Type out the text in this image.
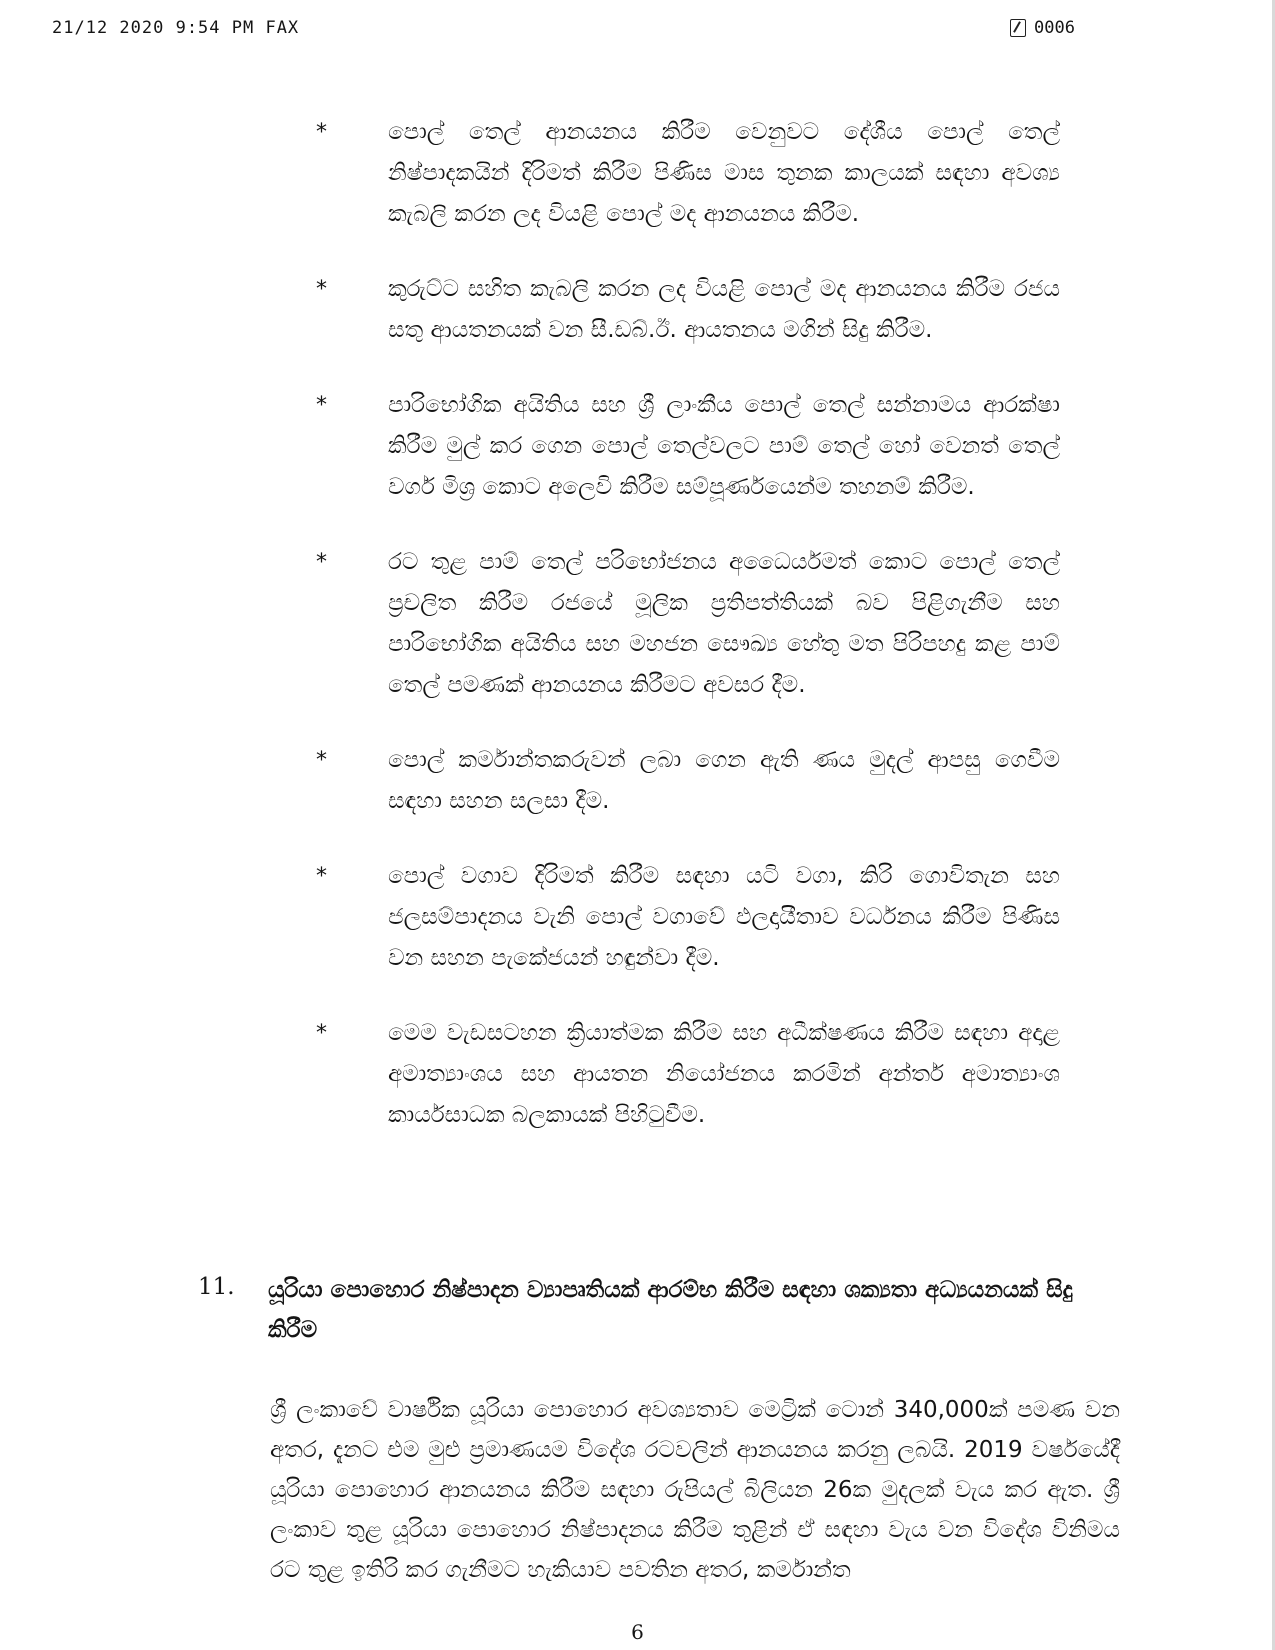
21/12 2020 9:54 PM FAX	0006
*	පොල් තෙල් ආනයනය කිරීම වෙනුවට දේශීය පොල් තෙල් නිෂ්පාදකයින් දිරිමත් කිරීම පිණිස මාස තුනක කාලයක් සඳහා අවශ්‍ය කැබලි කරන ලද වියළි පොල් මද ආනයනය කිරීම.
*	කුරුට්ට සහිත කැබලි කරන ලද වියළි පොල් මද ආනයනය කිරීම රජය සතු ආයතනයක් වන සී.ඩබ්.ඊ. ආයතනය මගින් සිදු කිරීම.
*	පාරිභෝගික අයිතිය සහ ශ්‍රී ලාංකීය පොල් තෙල් සන්නාමය ආරක්ෂා කිරීම මුල් කර ගෙන පොල් තෙල්වලට පාම් තෙල් හෝ වෙනත් තෙල් වර්ග මිශ්‍ර කොට අලෙවි කිරීම සම්පූර්ණයෙන්ම තහනම් කිරීම.
*	රට තුළ පාම් තෙල් පරිභෝජනය අධෛර්යමත් කොට පොල් තෙල් ප්‍රචලිත කිරීම රජයේ මූලික ප්‍රතිපත්තියක් බව පිළිගැනීම සහ පාරිභෝගික අයිතිය සහ මහජන සෞඛ්‍ය හේතු මත පිරිපහදු කළ පාම් තෙල් පමණක් ආනයනය කිරීමට අවසර දීම.
*	පොල් කර්මාන්තකරුවන් ලබා ගෙන ඇති ණය මුදල් ආපසු ගෙවීම සඳහා සහන සලසා දීම.
*	පොල් වගාව දිරිමත් කිරීම සඳහා යටි වගා, කිරි ගොවිතැන සහ ජලසම්පාදනය වැනි පොල් වගාවේ ඵලදායීතාව වර්ධනය කිරීම පිණිස වන සහන පැකේජයන් හඳුන්වා දීම.
*	මෙම වැඩසටහන ක්‍රියාත්මක කිරීම සහ අධීක්ෂණය කිරීම සඳහා අදාළ අමාත්‍යාංශය සහ ආයතන නියෝජනය කරමින් අන්තර් අමාත්‍යාංශ කාර්යසාධක බලකායක් පිහිටුවීම.
11. යූරියා පොහොර නිෂ්පාදන ව්‍යාපෘතියක් ආරම්භ කිරීම සඳහා ශක්‍යතා අධ්‍යයනයක් සිදු කිරීම
ශ්‍රී ලංකාවේ වාර්ෂික යූරියා පොහොර අවශ්‍යතාව මෙට්‍රික් ටොන් 340,000ක් පමණ වන අතර, දැනට එම මුළු ප්‍රමාණයම විදේශ රටවලින් ආනයනය කරනු ලබයි. 2019 වර්ෂයේදී යූරියා පොහොර ආනයනය කිරීම සඳහා රුපියල් බිලියන 26ක මුදලක් වැය කර ඇත. ශ්‍රී ලංකාව තුළ යූරියා පොහොර නිෂ්පාදනය කිරීම තුළින් ඒ සඳහා වැය වන විදේශ විනිමය රට තුළ ඉතිරි කර ගැනීමට හැකියාව පවතින අතර, කර්මාන්ත
6
